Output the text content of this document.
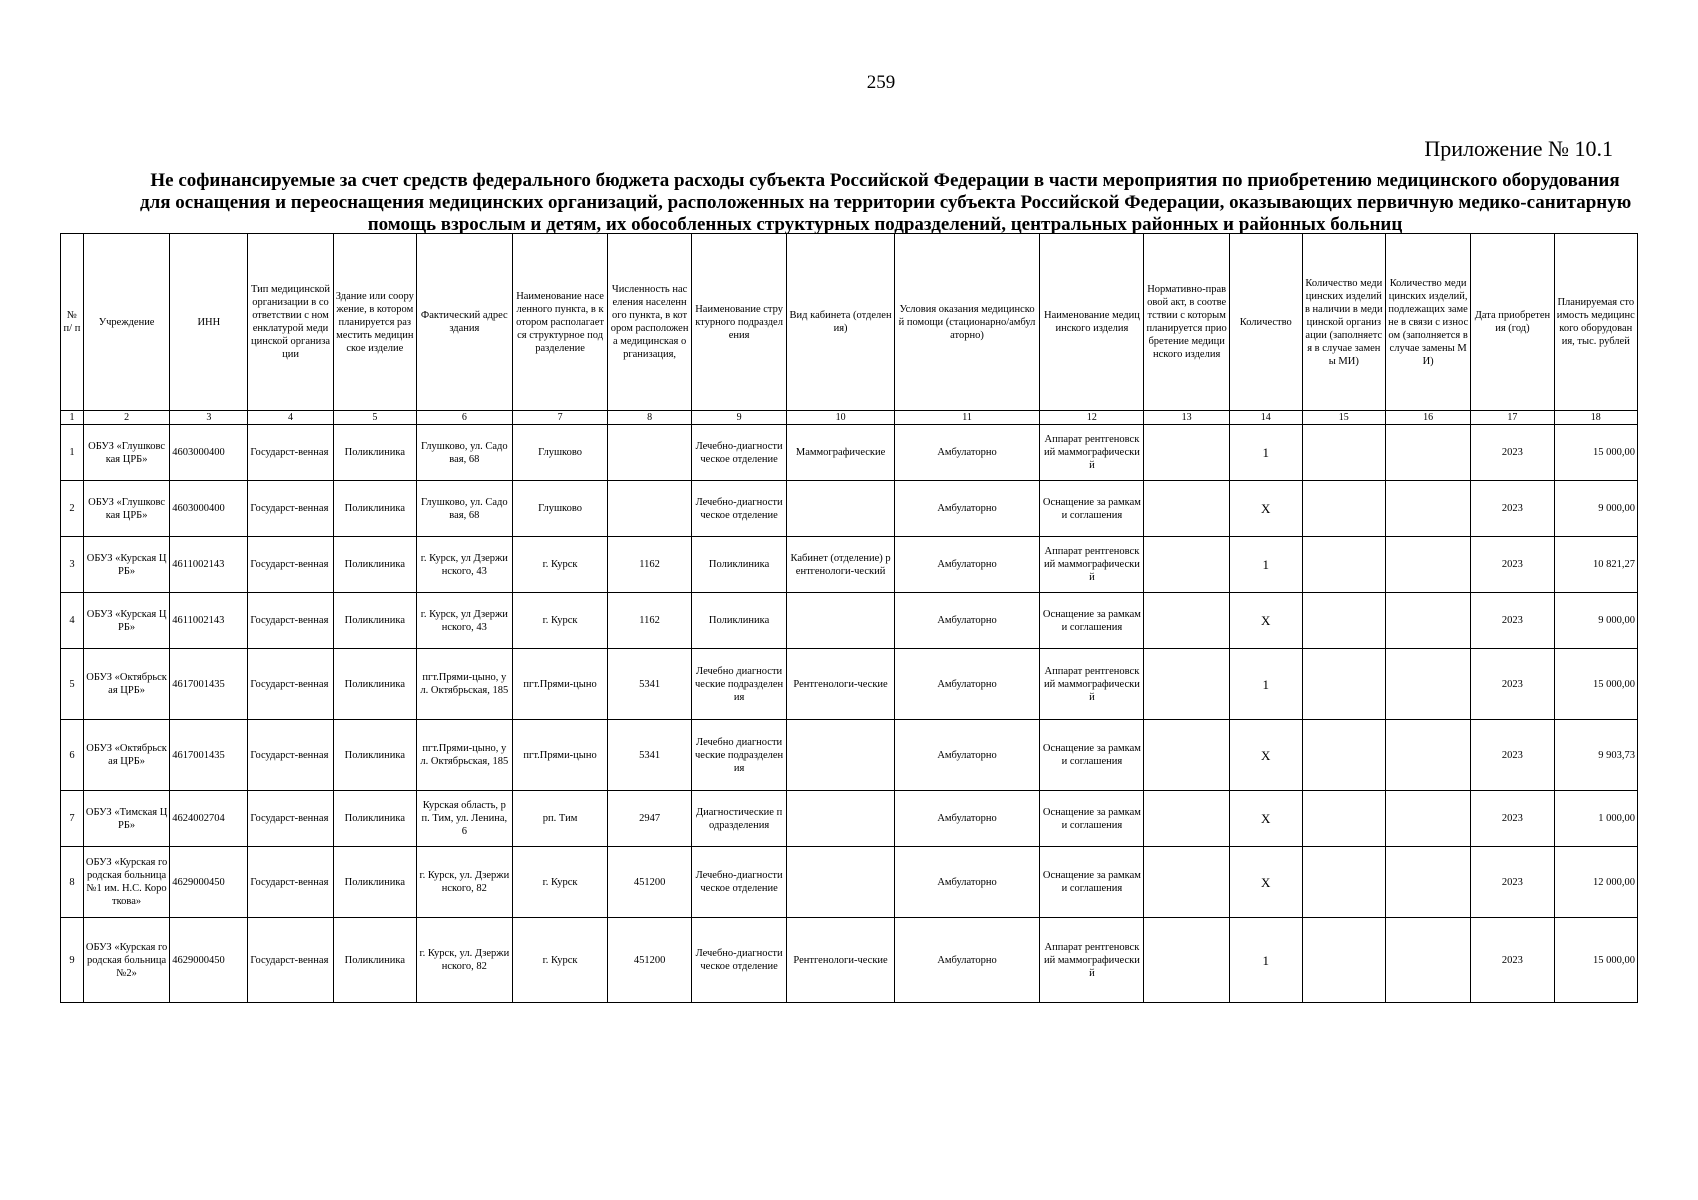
259
Приложение № 10.1
Не софинансируемые за счет средств федерального бюджета расходы субъекта Российской Федерации в части мероприятия по приобретению медицинского оборудования
для оснащения и переоснащения медицинских организаций, расположенных на территории субъекта Российской Федерации, оказывающих первичную медико-санитарную
помощь взрослым и детям, их обособленных структурных подразделений, центральных районных и районных больниц
№ п/ п	Учреждение	ИНН	Тип медицинской организации в соответствии с номенклатурой медицинской организации	Здание или сооружение, в котором планируется разместить медицинское изделие	Фактический адрес здания	Наименование населенного пункта, в котором располагается структурное подразделение	Численность населения населенного пункта, в котором расположена медицинская организация,	Наименование структурного подразделения	Вид кабинета (отделения)	Условия оказания медицинской помощи (стационарно/амбулаторно)	Наименование медицинского изделия	Нормативно-правовой акт, в соответствии с которым планируется приобретение медицинского изделия	Количество	Количество медицинских изделий в наличии в медицинской организации (заполняется в случае замены МИ)	Количество медицинских изделий, подлежащих замене в связи с износом (заполняется в случае замены МИ)	Дата приобретения (год)	Планируемая стоимость медицинского оборудования, тыс. рублей
1	2	3	4	5	6	7	8	9	10	11	12	13	14	15	16	17	18
1	ОБУЗ «Глушковская ЦРБ»	4603000400	Государст-венная	Поликлиника	Глушково, ул. Садовая, 68	Глушково		Лечебно-диагностическое отделение	Маммографические	Амбулаторно	Аппарат рентгеновский маммографический		1			2023	15 000,00
2	ОБУЗ «Глушковская ЦРБ»	4603000400	Государст-венная	Поликлиника	Глушково, ул. Садовая, 68	Глушково		Лечебно-диагностическое отделение		Амбулаторно	Оснащение за рамками соглашения		X			2023	9 000,00
3	ОБУЗ «Курская ЦРБ»	4611002143	Государст-венная	Поликлиника	г. Курск, ул Дзержинского, 43	г. Курск	1162	Поликлиника	Кабинет (отделение) рентгенологи-ческий	Амбулаторно	Аппарат рентгеновский маммографический		1			2023	10 821,27
4	ОБУЗ «Курская ЦРБ»	4611002143	Государст-венная	Поликлиника	г. Курск, ул Дзержинского, 43	г. Курск	1162	Поликлиника		Амбулаторно	Оснащение за рамками соглашения		X			2023	9 000,00
5	ОБУЗ «Октябрьская ЦРБ»	4617001435	Государст-венная	Поликлиника	пгт.Прями-цыно, ул. Октябрьская, 185	пгт.Прями-цыно	5341	Лечебно диагностические подразделения	Рентгенологи-ческие	Амбулаторно	Аппарат рентгеновский маммографический		1			2023	15 000,00
6	ОБУЗ «Октябрьская ЦРБ»	4617001435	Государст-венная	Поликлиника	пгт.Прями-цыно, ул. Октябрьская, 185	пгт.Прями-цыно	5341	Лечебно диагностические подразделения		Амбулаторно	Оснащение за рамками соглашения		X			2023	9 903,73
7	ОБУЗ «Тимская ЦРБ»	4624002704	Государст-венная	Поликлиника	Курская область, рп. Тим, ул. Ленина, 6	рп. Тим	2947	Диагностические подразделения		Амбулаторно	Оснащение за рамками соглашения		X			2023	1 000,00
8	ОБУЗ «Курская городская больница №1 им. Н.С. Короткова»	4629000450	Государст-венная	Поликлиника	г. Курск, ул. Дзержинского, 82	г. Курск	451200	Лечебно-диагностическое отделение		Амбулаторно	Оснащение за рамками соглашения		X			2023	12 000,00
9	ОБУЗ «Курская городская больница №2»	4629000450	Государст-венная	Поликлиника	г. Курск, ул. Дзержинского, 82	г. Курск	451200	Лечебно-диагностическое отделение	Рентгенологи-ческие	Амбулаторно	Аппарат рентгеновский маммографический		1			2023	15 000,00
